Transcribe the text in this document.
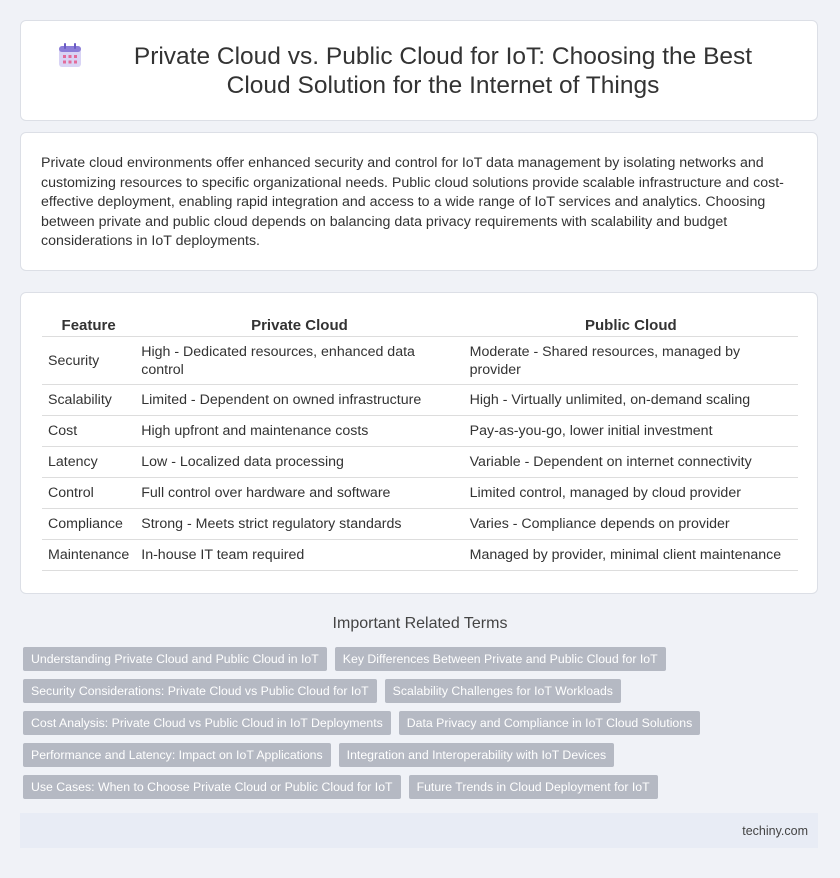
Private Cloud vs. Public Cloud for IoT: Choosing the Best Cloud Solution for the Internet of Things

Private cloud environments offer enhanced security and control for IoT data management by isolating networks and customizing resources to specific organizational needs. Public cloud solutions provide scalable infrastructure and cost-effective deployment, enabling rapid integration and access to a wide range of IoT services and analytics. Choosing between private and public cloud depends on balancing data privacy requirements with scalability and budget considerations in IoT deployments.

Feature	Private Cloud	Public Cloud
Security	High - Dedicated resources, enhanced data control	Moderate - Shared resources, managed by provider
Scalability	Limited - Dependent on owned infrastructure	High - Virtually unlimited, on-demand scaling
Cost	High upfront and maintenance costs	Pay-as-you-go, lower initial investment
Latency	Low - Localized data processing	Variable - Dependent on internet connectivity
Control	Full control over hardware and software	Limited control, managed by cloud provider
Compliance	Strong - Meets strict regulatory standards	Varies - Compliance depends on provider
Maintenance	In-house IT team required	Managed by provider, minimal client maintenance
Important Related Terms
Understanding Private Cloud and Public Cloud in IoT	Key Differences Between Private and Public Cloud for IoT
Security Considerations: Private Cloud vs Public Cloud for IoT	Scalability Challenges for IoT Workloads
Cost Analysis: Private Cloud vs Public Cloud in IoT Deployments	Data Privacy and Compliance in IoT Cloud Solutions
Performance and Latency: Impact on IoT Applications	Integration and Interoperability with IoT Devices
Use Cases: When to Choose Private Cloud or Public Cloud for IoT	Future Trends in Cloud Deployment for IoT
techiny.com
